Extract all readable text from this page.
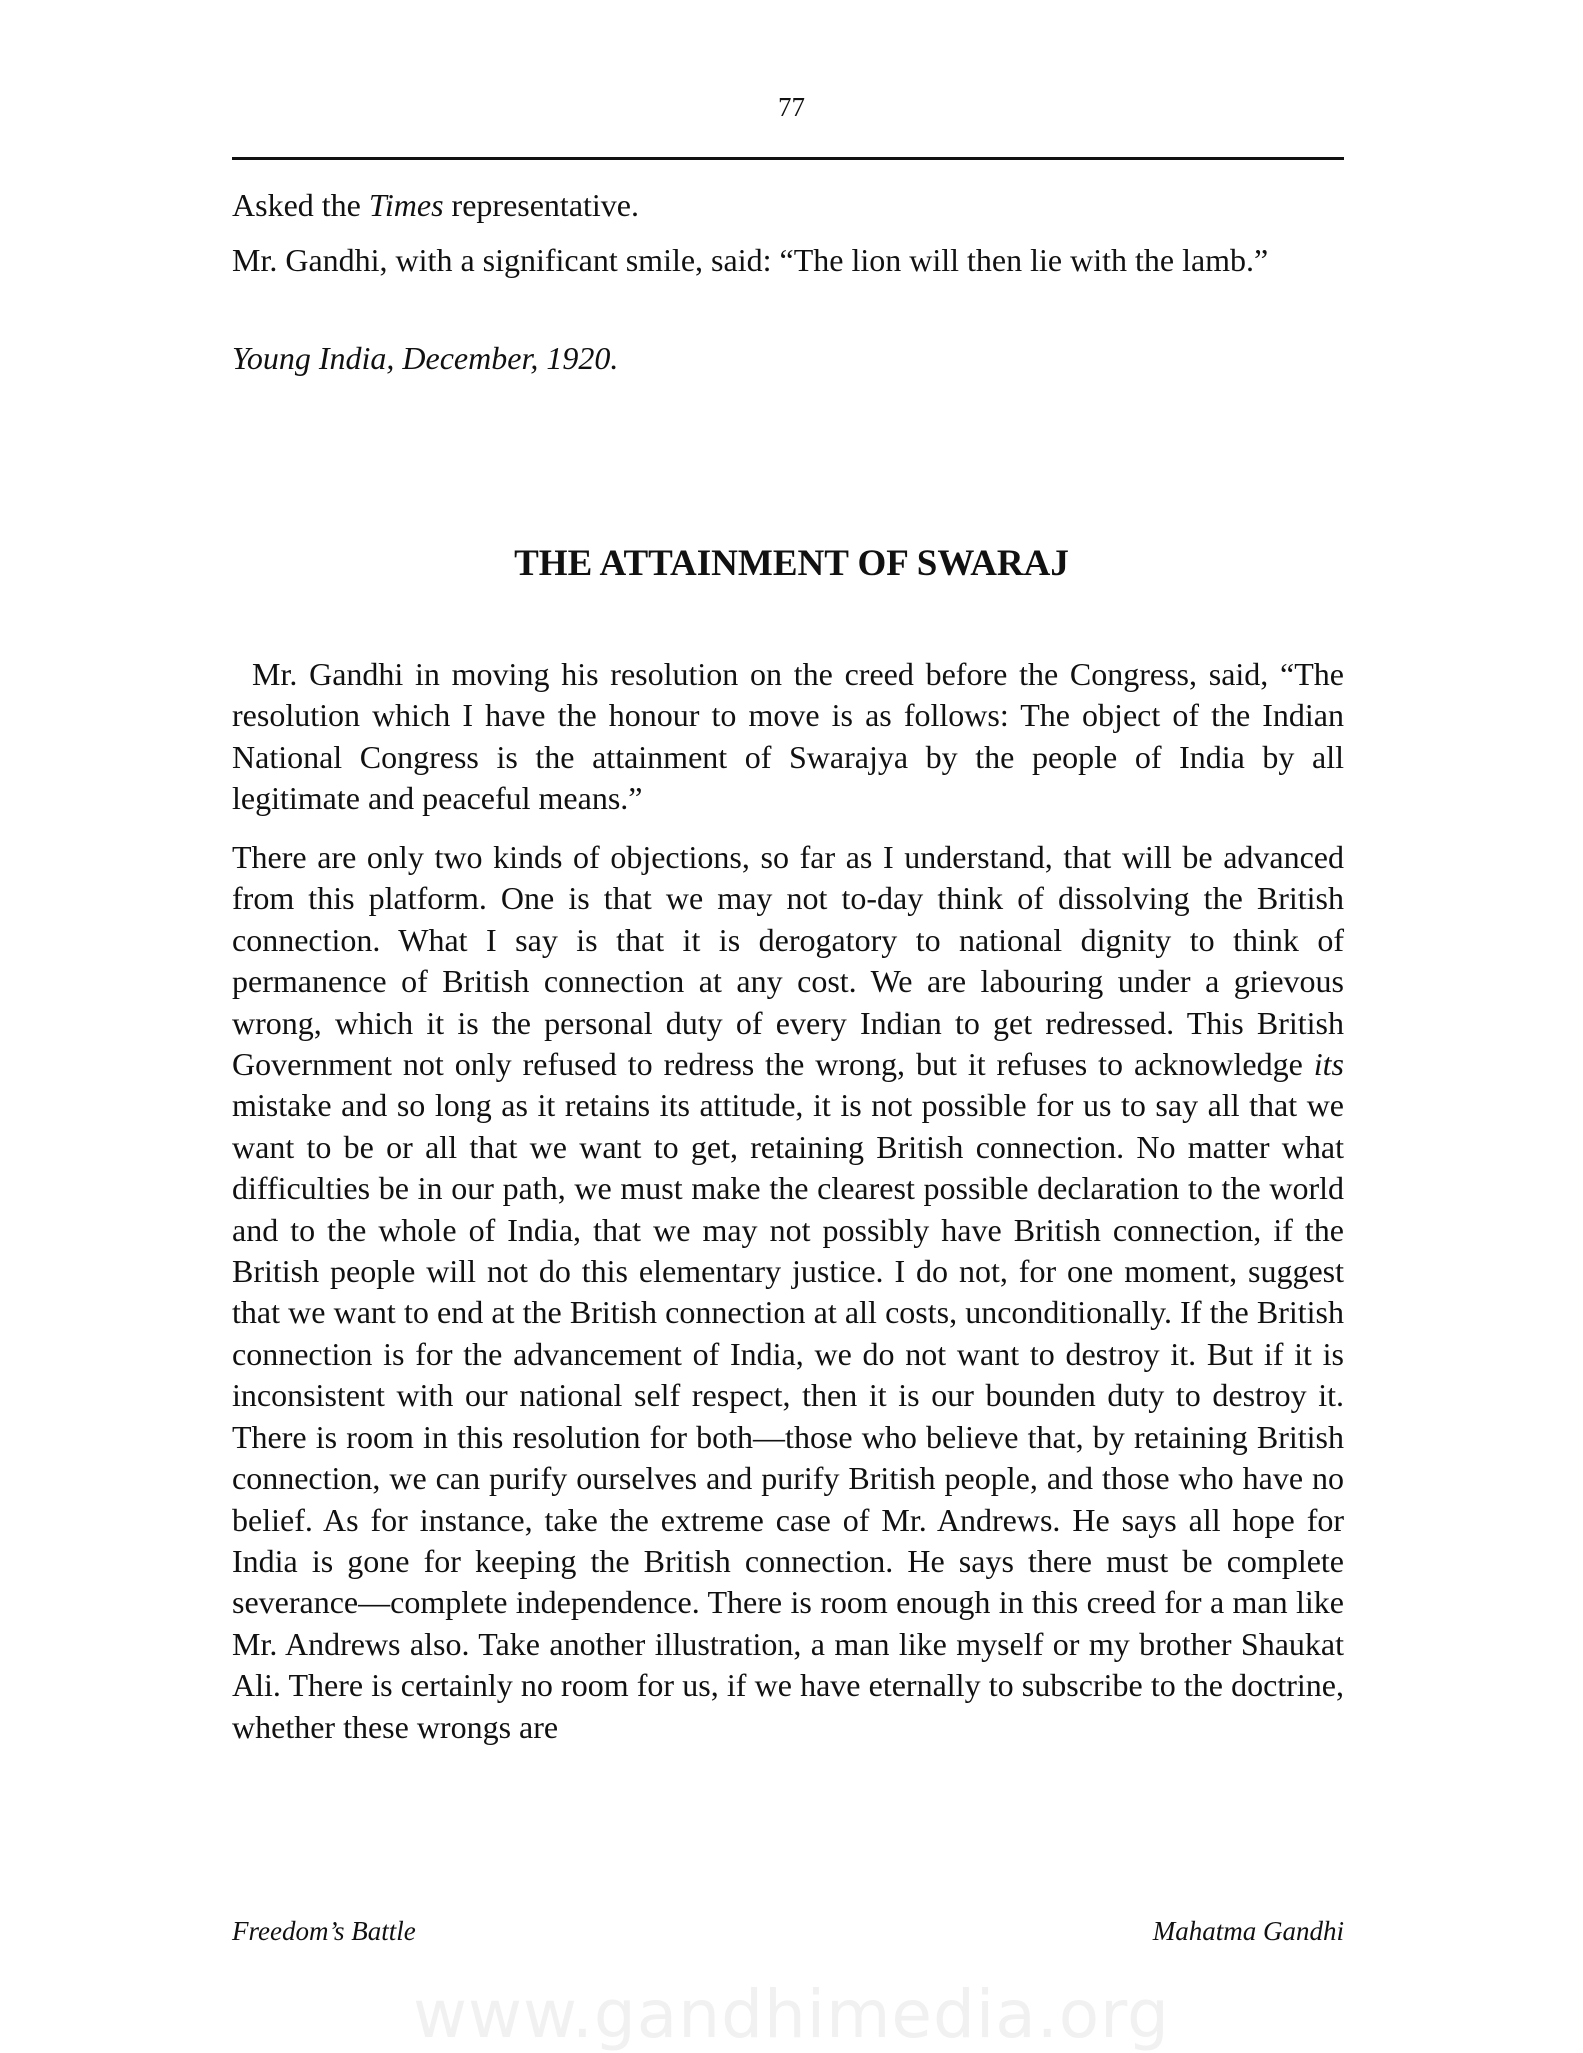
77
Asked the Times representative.
Mr. Gandhi, with a significant smile, said: “The lion will then lie with the lamb.”
Young India, December, 1920.
THE ATTAINMENT OF SWARAJ
Mr. Gandhi in moving his resolution on the creed before the Congress, said, “The resolution which I have the honour to move is as follows: The object of the Indian National Congress is the attainment of Swarajya by the people of India by all legitimate and peaceful means.”
There are only two kinds of objections, so far as I understand, that will be advanced from this platform. One is that we may not to-day think of dissolving the British connection. What I say is that it is derogatory to national dignity to think of permanence of British connection at any cost. We are labouring under a grievous wrong, which it is the personal duty of every Indian to get redressed. This British Government not only refused to redress the wrong, but it refuses to acknowledge its mistake and so long as it retains its attitude, it is not possible for us to say all that we want to be or all that we want to get, retaining British connection. No matter what difficulties be in our path, we must make the clearest possible declaration to the world and to the whole of India, that we may not possibly have British connection, if the British people will not do this elementary justice. I do not, for one moment, suggest that we want to end at the British connection at all costs, unconditionally. If the British connection is for the advancement of India, we do not want to destroy it. But if it is inconsistent with our national self respect, then it is our bounden duty to destroy it. There is room in this resolution for both—those who believe that, by retaining British connection, we can purify ourselves and purify British people, and those who have no belief. As for instance, take the extreme case of Mr. Andrews. He says all hope for India is gone for keeping the British connection. He says there must be complete severance—complete independence. There is room enough in this creed for a man like Mr. Andrews also. Take another illustration, a man like myself or my brother Shaukat Ali. There is certainly no room for us, if we have eternally to subscribe to the doctrine, whether these wrongs are
Freedom’s Battle	Mahatma Gandhi
www.gandhimedia.org
